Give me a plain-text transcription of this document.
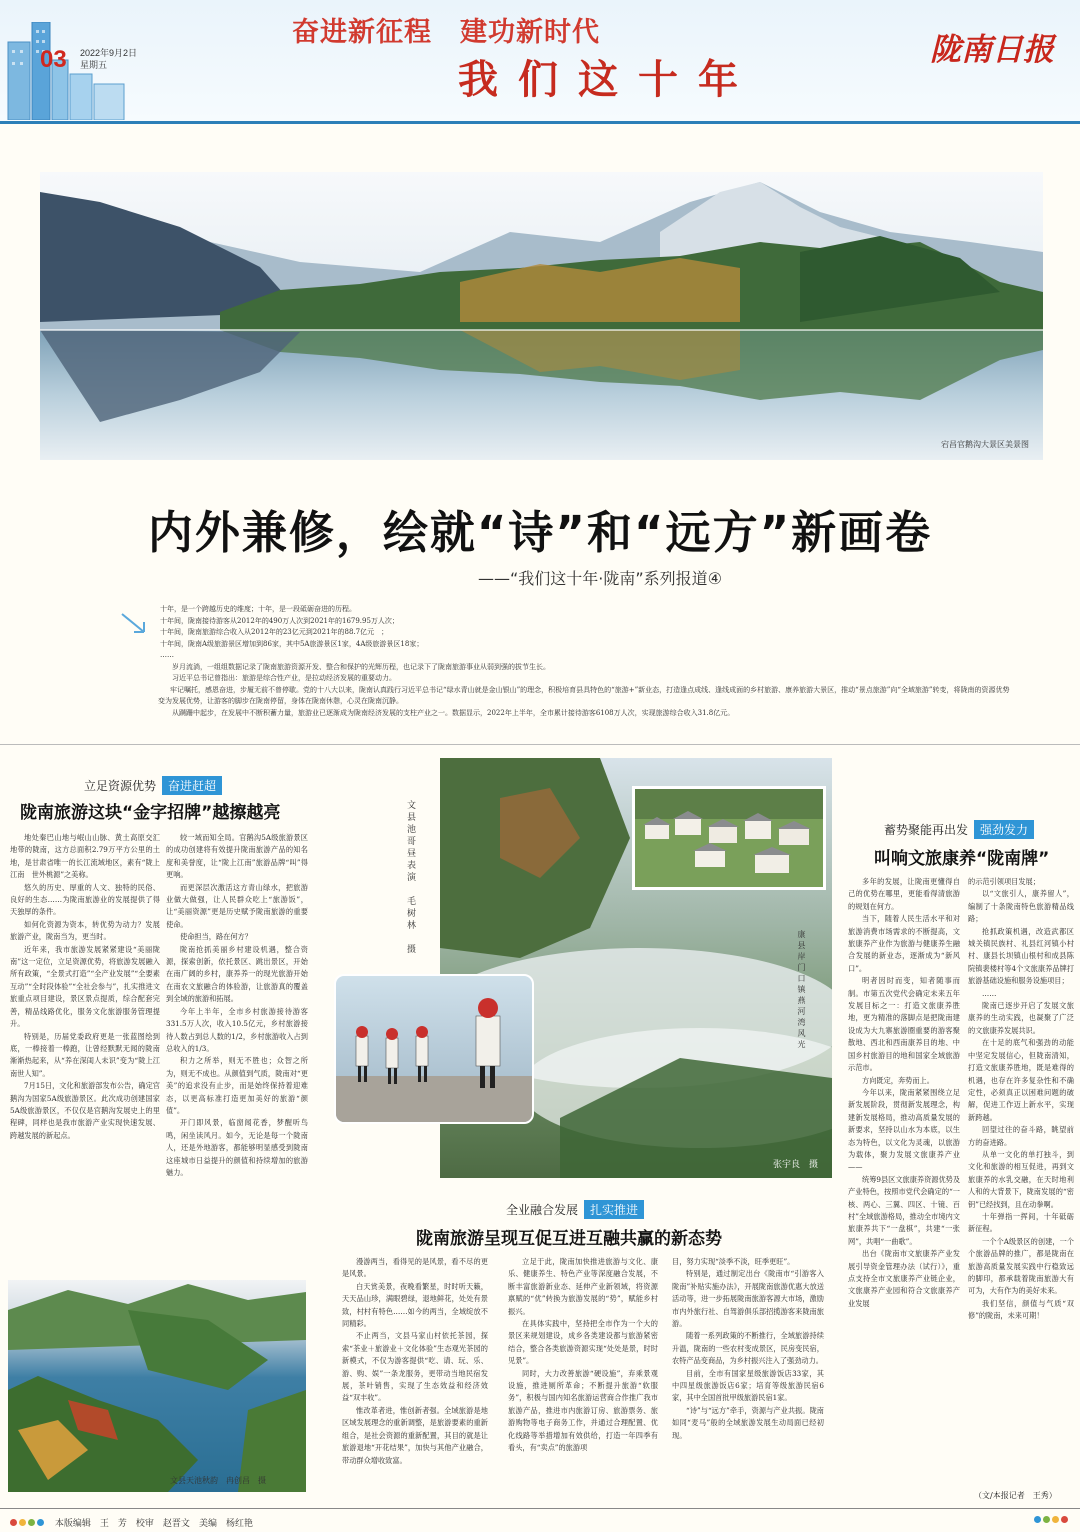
03 2022年9月2日
星期五
奋进新征程　建功新时代
我们这十年
陇南日报
宕昌官鹅沟大景区美景图
内外兼修，绘就“诗”和“远方”新画卷
——“我们这十年·陇南”系列报道④

十年，是一个跨越历史的维度；十年，是一段砥砺奋进的历程。

十年间，陇南接待游客从2012年的490万人次到2021年的1679.95万人次；

十年间，陇南旅游综合收入从2012年的23亿元到2021年的88.7亿元　；

十年间，陇南A级旅游景区增加到86家，其中5A旅游景区1家，4A级旅游景区18家；

……

岁月流淌，一组组数据记录了陇南旅游资源开发、整合和保护的光辉历程，也记录下了陇南旅游事业从弱到强的拔节生长。

习近平总书记曾指出：旅游是综合性产业，是拉动经济发展的重要动力。

牢记嘱托，感恩奋进，步履无前不曾停歇。党的十八大以来，陇南认真践行习近平总书记“绿水青山就是金山银山”的理念，积极培育县具特色的“旅游+”新业态，打造逢点成线、逢线成面的乡村旅游、康养旅游大景区，推动“景点旅游”向“全域旅游”转变，将陇南的资源优势变为发展优势，让游客的脚步在陇南停留，身体在陇南休憩，心灵在陇南沉静。

从蹒跚中起步，在发展中不断积蓄力量，旅游业已逐渐成为陇南经济发展的支柱产业之一。数据显示，2022年上半年，全市累计接待游客6108万人次，实现旅游综合收入31.8亿元。

立足资源优势 奋进赶超
陇南旅游这块“金字招牌”越擦越亮

地处秦巴山地与岷山山脉、黄土高原交汇地带的陇南，这方总面积2.79万平方公里的土地，是甘肃省唯一的长江流域地区，素有“陇上江南　世外桃源”之美称。

悠久的历史、厚重的人文、独特的民俗、良好的生态……为陇南旅游业的发展提供了得天独厚的条件。

如何化资源为资本，转优势为动力？发展旅游产业，陇南当为，更当时。

近年来，我市旅游发展紧紧建设“美丽陇南”这一定位，立足资源优势，将旅游发展融入所有政策，“全景式打造”“全产业发展”“全要素互动”“全时段体验”“全社会参与”，扎实推进文旅重点项目建设，景区景点提质，综合配套完善，精品线路优化，服务文化旅游服务管理提升。

特别是，历届党委政府更是一张蓝图绘到底，一棒接着一棒跑，让曾经默默无闻的陇南渐渐热起来，从“养在深闺人未识”变为“陇上江南世人知”。

7月15日，文化和旅游部发布公告，确定官鹅沟为国家5A级旅游景区。此次成功创建国家5A级旅游景区，不仅仅是官鹅沟发展史上的里程碑，同样也是我市旅游产业实现快速发展、跨越发展的新起点。

较一域而知全局。官鹅沟5A级旅游景区的成功创建将有效提升陇南旅游产品的知名度和美誉度，让“陇上江南”旅游品牌“叫”得更响。

而更深层次激活这方青山绿水，把旅游业做大做强，让人民群众吃上“旅游饭”，让“美丽资源”更是历史赋予陇南旅游的重要使命。

使命担当，路在何方？

陇南抢抓美丽乡村建设机遇，整合资源，探索创新，依托景区、跳出景区，开始在南广阔的乡村，康养养一的现光旅游开始在南农文旅融合的体验游，让旅游真的覆盖到全域的旅游和拓展。

今年上半年，全市乡村旅游接待游客331.5万人次，收入10.5亿元，乡村旅游接待人数占到总人数的1/2，乡村旅游收入占到总收入的1/3。

积力之所举，则无不胜也；众智之所为，则无不成也。从颜值到气质，陇南对“更美”的追求没有止步，而是始终保持着迎难态，以更高标准打造更加美好的旅游“颜值”。

开门即风景，临窗闻花香，梦醒听鸟鸣，闲坐读风月。如今，无论是每一个陇南人，还是外地游客，都能够明显感受到陇南这座城市日益提升的颜值和持续增加的旅游魅力。

文县天池秋韵　 冉创昌　摄
张宇良　摄
文县池哥昼表演　毛树林　摄
康县岸门口镇燕河湾风光
全业融合发展 扎实推进
陇南旅游呈现互促互进互融共赢的新态势

漫游两当，看得见的是风景，看不尽的更是风景。

白天赏美景，夜晚看繁星，时时听天籁，天天品山珍，满眼碧绿，退地鲜花，处处有景致，村村有特色……如今的两当，全域绽放不同精彩。

不止两当，文县马家山村依托茶园，探索“茶业＋旅游业＋文化体验”生态观光茶园的新模式，不仅为游客提供“吃、请、玩、乐、游、购、娱”一条龙服务，更带动当地民宿发展，茶叶销售，实现了生态效益和经济效益“双丰收”。

惟改革者进，惟创新者强。全域旅游是地区域发展理念的重新调整，是旅游要素的重新组合，是社会资源的重新配置，其目的就是让旅游退地“开花结果”，加快与其他产业融合，带动群众增收致富。

立足于此，陇南加快推进旅游与文化、康乐、健康养生、特色产业等深度融合发展，不断丰富旅游新业态、延伸产业新领域，将资源禀赋的“优”转换为旅游发展的“势”，赋能乡村振兴。

在具体实践中，坚持把全市作为一个大的景区来规划建设，成乡各类建设都与旅游紧密结合，整合各类旅游资源实现“处处是景，时时见景”。

同时，大力改善旅游“硬设施”，弃乘景观设施，推进厕所革命；不断提升旅游“软服务”，积极与国内知名旅游运营商合作推广我市旅游产品，推进市内旅游订房、旅游票务、旅游购物等电子商务工作，并通过合理配置、优化线路等举措增加有效供给，打造一年四季有看头，有“卖点”的旅游项

目，努力实现“淡季不淡，旺季更旺”。

特别是，通过制定出台《陇南市“引游客入陇南”补贴实施办法》，开展陇南旅游优惠大放送活动等，进一步拓展陇南旅游客源大市场，激励市内外旅行社、自驾游俱乐部招揽游客来陇南旅游。

随着一系列政策的不断推行，全域旅游持续升温，陇南的一些农村变成景区，民房变民宿，农特产品变商品，为乡村振兴注入了强劲动力。

目前，全市有国家星级旅游饭店33家，其中四星级旅游饭店6家；培育等级旅游民宿6家，其中全国首批甲级旅游民宿1家。

“诗”与“远方”牵手，资源与产业共振。陇南如同“麦马”般的全域旅游发展生动局面已经初现。

蓄势聚能再出发 强劲发力
叫响文旅康养“陇南牌”

多年的发展，让陇南更懂得自己的优势在哪里，更能看得清旅游的规划在何方。

当下，随着人民生活水平和对旅游消费市场需求的不断提高，文旅康养产业作为旅游与健康养生融合发展的新业态，逐渐成为“新风口”。

明者因时而变，知者随事而制。市第五次党代会确定未来五年发展目标之一：打造文旅康养胜地，更为精准的落脚点是把陇南建设成为大九寨旅游圈重要的游客聚散地、西北和西南康养目的地、中国乡村旅游目的地和国家全域旅游示范市。

方向既定，奔势而上。

今年以来，陇南紧紧围绕立足新发展阶段，贯彻新发展理念，构建新发展格局，推动高质量发展的新要求，坚持以山水为本底，以生态为特色，以文化为灵魂，以旅游为载体，聚力发展文旅康养产业——

统筹9县区文旅康养资源优势及产业特色，按照市党代会确定的“一核、两心、三翼、四区、十镜、百村”全域旅游格局，推动全市境内文旅康养共下“一盘棋”，共建“一张网”，共唱“一曲歌”。

出台《陇南市文旅康养产业发展引导资金管理办法（试行）》，重点支持全市文旅康养产业链企业，文旅康养产业园和符合文旅康养产业发展

的示范引领项目发展；

以“文旅引人，康养留人”，编制了十条陇南特色旅游精品线路；

抢抓政策机遇，改造武都区城关镇民族村、礼县红河镇小村村、康县长坝镇山根村和成县陈院镇裴楼村等4个文旅康养品牌打旅游基础设施和服务设施项目；

……

陇南已逐步开启了发展文旅康养的生动实践，也凝聚了广泛的文旅康养发展共识。

在十足的底气和强劲的动能中坚定发展信心，但陇南清知，打造文旅康养胜地，既是难得的机遇，也存在许多复杂性和不确定性，必须真正以困难问题的破解，促进工作迈上新水平，实现新跨越。

回望过往的奋斗路，眺望前方的奋进路。

从单一文化的单打独斗，到文化和旅游的相互促进，再到文旅康养的水乳交融，在天时地利人和的大背景下，陇南发展的“密钥”已经找到，且在动拳啊。

十年弹指一挥间，十年砥砺新征程。

一个个A级景区的创建，一个个旅游品牌的推广，都是陇南在旅游高质量发展实践中行稳致远的脚印，都承载着陇南旅游大有可为，大有作为的美好未来。

我们坚信，颜值与气质“双修”的陇南，未来可期！

（文/本报记者　王秀）
本版编辑　王　芳　 校审　赵晋文　 美编　杨红艳
